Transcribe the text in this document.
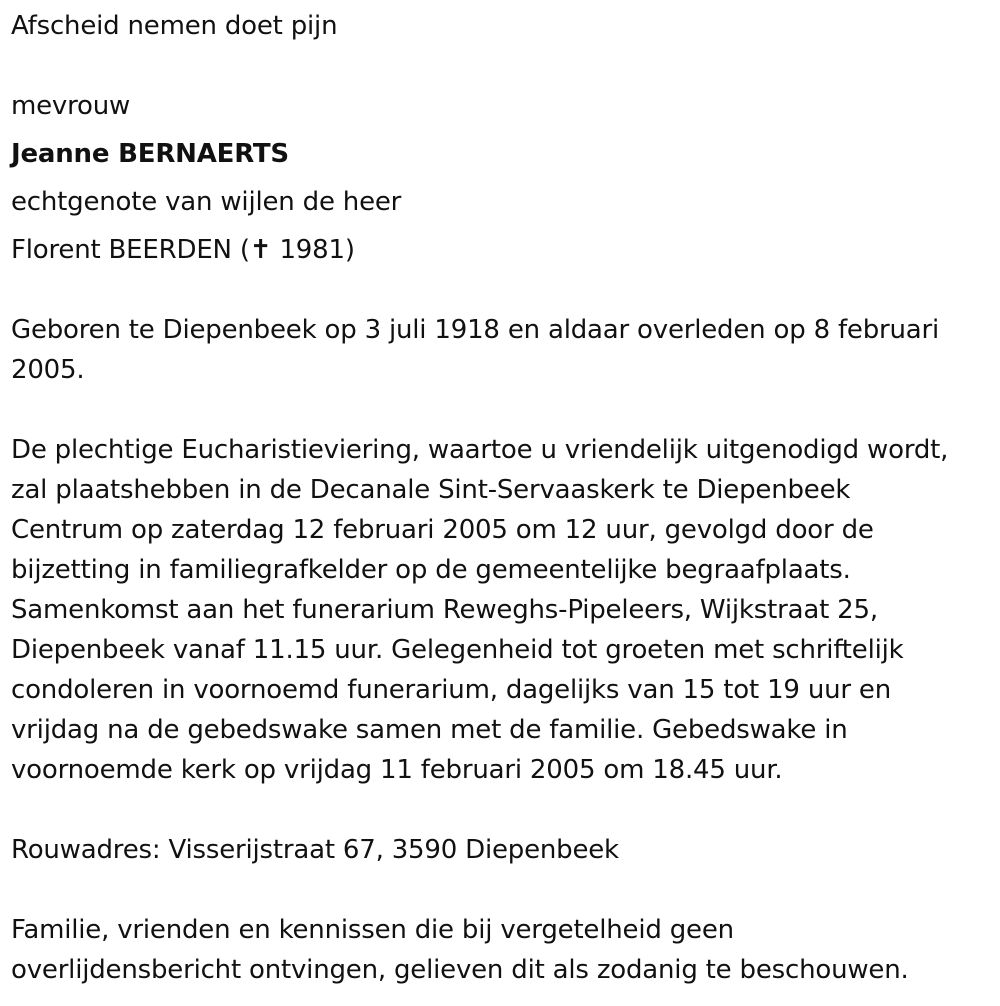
Afscheid nemen doet pijn
mevrouw
Jeanne BERNAERTS
echtgenote van wijlen de heer
Florent BEERDEN (✝ 1981)
Geboren te Diepenbeek op 3 juli 1918 en aldaar overleden op 8 februari
2005.
De plechtige Eucharistieviering, waartoe u vriendelijk uitgenodigd wordt,
zal plaatshebben in de Decanale Sint-Servaaskerk te Diepenbeek
Centrum op zaterdag 12 februari 2005 om 12 uur, gevolgd door de
bijzetting in familiegrafkelder op de gemeentelijke begraafplaats.
Samenkomst aan het funerarium Reweghs-Pipeleers, Wijkstraat 25,
Diepenbeek vanaf 11.15 uur. Gelegenheid tot groeten met schriftelijk
condoleren in voornoemd funerarium, dagelijks van 15 tot 19 uur en
vrijdag na de gebedswake samen met de familie. Gebedswake in
voornoemde kerk op vrijdag 11 februari 2005 om 18.45 uur.
Rouwadres: Visserijstraat 67, 3590 Diepenbeek
Familie, vrienden en kennissen die bij vergetelheid geen
overlijdensbericht ontvingen, gelieven dit als zodanig te beschouwen.
